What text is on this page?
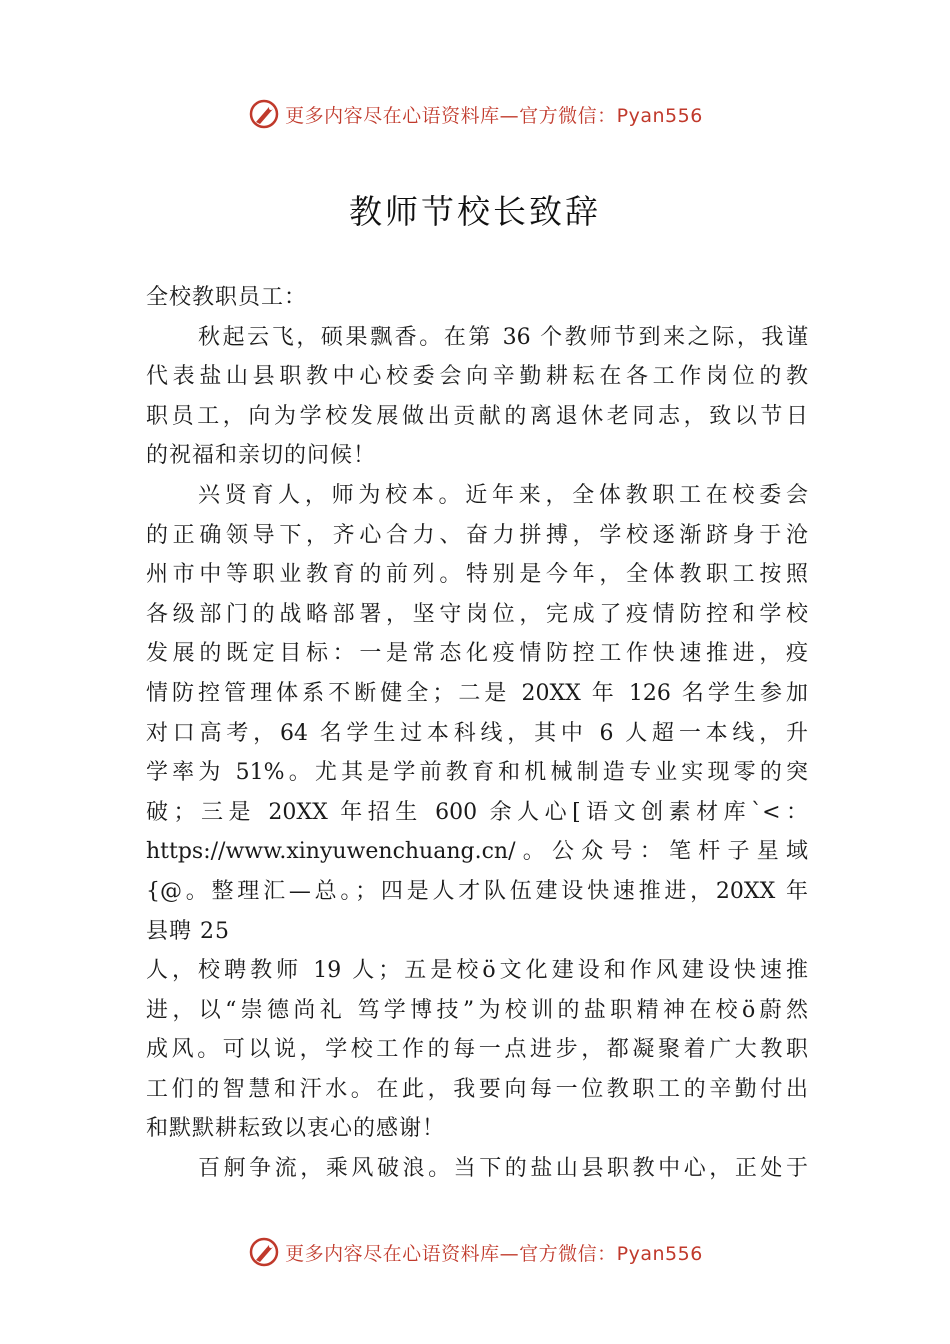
更多内容尽在心语资料库—官方微信：Pyan556
教师节校长致辞
全校教职员工：
秋起云飞，硕果飘香。在第 36 个教师节到来之际，我谨
代表盐山县职教中心校委会向辛勤耕耘在各工作岗位的教
职员工，向为学校发展做出贡献的离退休老同志，致以节日
的祝福和亲切的问候！
兴贤育人，师为校本。近年来，全体教职工在校委会
的正确领导下，齐心合力、奋力拼搏，学校逐渐跻身于沧
州市中等职业教育的前列。特别是今年，全体教职工按照
各级部门的战略部署，坚守岗位，完成了疫情防控和学校
发展的既定目标：一是常态化疫情防控工作快速推进，疫
情防控管理体系不断健全；二是 20XX 年 126 名学生参加
对口高考，64 名学生过本科线，其中 6 人超一本线，升
学率为 51%。尤其是学前教育和机械制造专业实现零的突
破；三是 20XX 年招生 600 余人心[语文创素材库`<：
https://www.xinyuwenchuang.cn/。公众号：笔杆子星域
{@。整理汇—总。；四是人才队伍建设快速推进，20XX 年
县聘 25
人，校聘教师 19 人；五是校ö文化建设和作风建设快速推
进，以“崇德尚礼 笃学博技”为校训的盐职精神在校ö蔚然
成风。可以说，学校工作的每一点进步，都凝聚着广大教职
工们的智慧和汗水。在此，我要向每一位教职工的辛勤付出
和默默耕耘致以衷心的感谢！
百舸争流，乘风破浪。当下的盐山县职教中心，正处于
更多内容尽在心语资料库—官方微信：Pyan556
